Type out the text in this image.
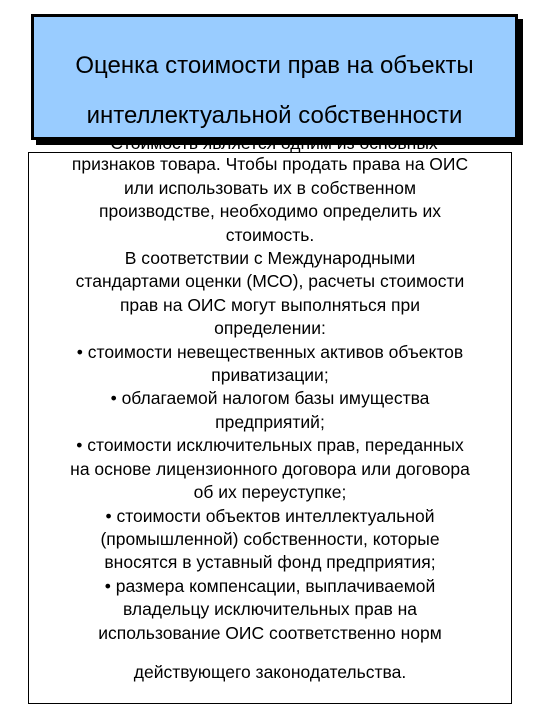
признаков товара. Чтобы продать права на ОИС
или использовать их в собственном
производстве, необходимо определить их
стоимость.
В соответствии с Международными
стандартами оценки (МСО), расчеты стоимости
прав на ОИС могут выполняться при
определении:
• стоимости невещественных активов объектов
приватизации;
• облагаемой налогом базы имущества
предприятий;
• стоимости исключительных прав, переданных
на основе лицензионного договора или договора
об их переуступке;
• стоимости объектов интеллектуальной
(промышленной) собственности, которые
вносятся в уставный фонд предприятия;
• размера компенсации, выплачиваемой
владельцу исключительных прав на
использование ОИС соответственно норм
действующего законодательства.
Оценка стоимости прав на объекты
интеллектуальной собственности
